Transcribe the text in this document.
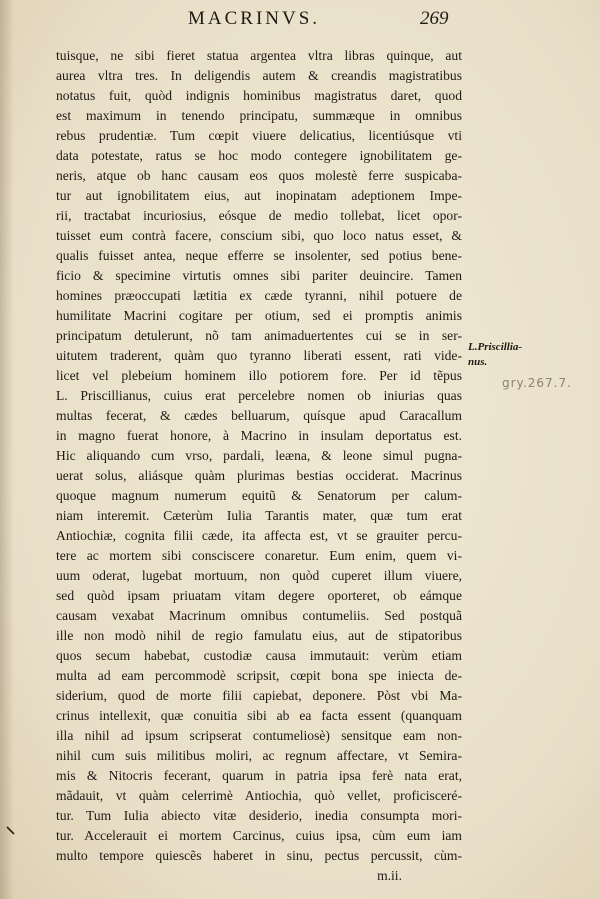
MACRINVS.	269
tuisque, ne sibi fieret statua argentea vltra libras quinque, aut
aurea vltra tres. In deligendis autem & creandis magistratibus
notatus fuit, quòd indignis hominibus magistratus daret, quod
est maximum in tenendo principatu, summæque in omnibus
rebus prudentiæ. Tum cœpit viuere delicatius, licentiúsque vti
data potestate, ratus se hoc modo contegere ignobilitatem ge-
neris, atque ob hanc causam eos quos molestè ferre suspicaba-
tur aut ignobilitatem eius, aut inopinatam adeptionem Impe-
rii, tractabat incuriosius, eósque de medio tollebat, licet opor-
tuisset eum contrà facere, conscium sibi, quo loco natus esset, &
qualis fuisset antea, neque efferre se insolenter, sed potius bene-
ficio & specimine virtutis omnes sibi pariter deuincire. Tamen
homines præoccupati lætitia ex cæde tyranni, nihil potuere de
humilitate Macrini cogitare per otium, sed ei promptis animis
principatum detulerunt, nõ tam animaduertentes cui se in ser-
uitutem traderent, quàm quo tyranno liberati essent, rati vide-
licet vel plebeium hominem illo potiorem fore. Per id tẽpus
L. Priscillianus, cuius erat percelebre nomen ob iniurias quas
multas fecerat, & cædes belluarum, quísque apud Caracallum
in magno fuerat honore, à Macrino in insulam deportatus est.
Hic aliquando cum vrso, pardali, leæna, & leone simul pugna-
uerat solus, aliásque quàm plurimas bestias occiderat. Macrinus
quoque magnum numerum equitũ & Senatorum per calum-
niam interemit. Cæterùm Iulia Tarantis mater, quæ tum erat
Antiochiæ, cognita filii cæde, ita affecta est, vt se grauiter percu-
tere ac mortem sibi consciscere conaretur. Eum enim, quem vi-
uum oderat, lugebat mortuum, non quòd cuperet illum viuere,
sed quòd ipsam priuatam vitam degere oporteret, ob eámque
causam vexabat Macrinum omnibus contumeliis. Sed postquã
ille non modò nihil de regio famulatu eius, aut de stipatoribus
quos secum habebat, custodiæ causa immutauit: verùm etiam
multa ad eam percommodè scripsit, cœpit bona spe iniecta de-
siderium, quod de morte filii capiebat, deponere. Pòst vbi Ma-
crinus intellexit, quæ conuitia sibi ab ea facta essent (quanquam
illa nihil ad ipsum scripserat contumeliosè) sensitque eam non-
nihil cum suis militibus moliri, ac regnum affectare, vt Semira-
mis & Nitocris fecerant, quarum in patria ipsa ferè nata erat,
mãdauit, vt quàm celerrimè Antiochia, quò vellet, proficisceré-
tur. Tum Iulia abiecto vitæ desiderio, inedia consumpta mori-
tur. Accelerauit ei mortem Carcinus, cuius ipsa, cùm eum iam
multo tempore quiescẽs haberet in sinu, pectus percussit, cùm-
m.ii.
L.Priscillia-
nus.
gry.267.7.
